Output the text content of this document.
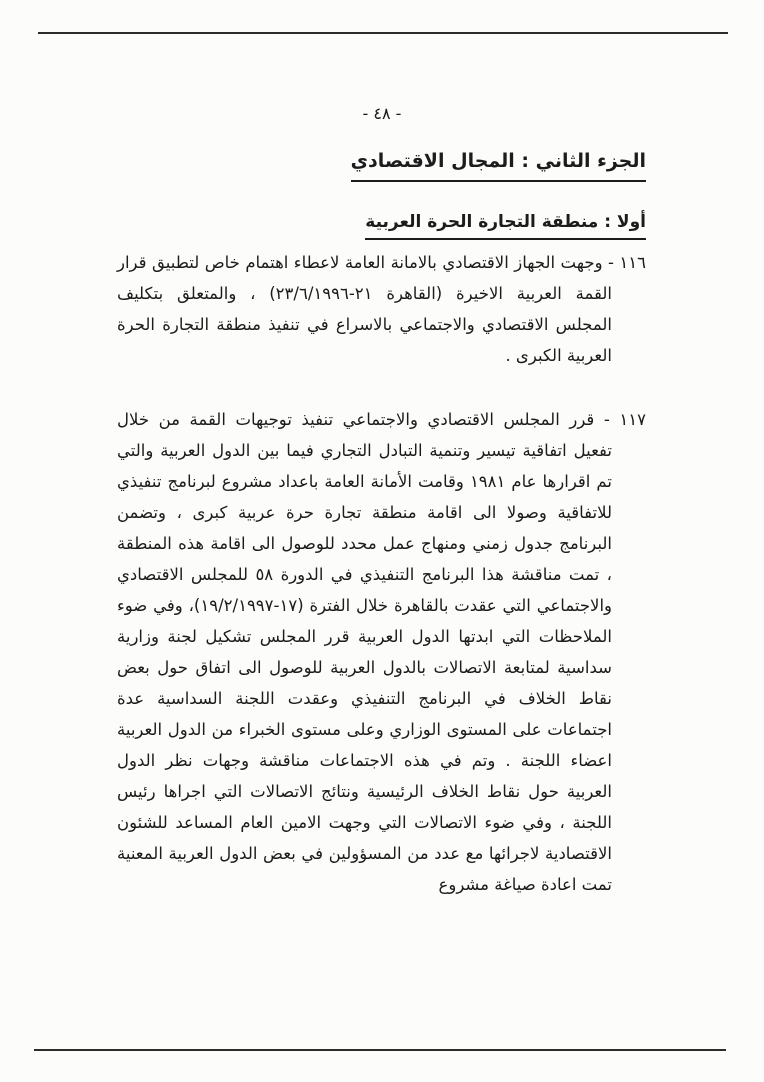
- ٤٨ -
الجزء الثاني : المجال الاقتصادي
أولا : منطقة التجارة الحرة العربية

١١٦ - وجهت الجهاز الاقتصادي بالامانة العامة لاعطاء اهتمام خاص لتطبيق قرار القمة العربية الاخيرة (القاهرة ٢١-٢٣/٦/١٩٩٦) ، والمتعلق بتكليف المجلس الاقتصادي والاجتماعي بالاسراع في تنفيذ منطقة التجارة الحرة العربية الكبرى .

١١٧ - قرر المجلس الاقتصادي والاجتماعي تنفيذ توجيهات القمة من خلال تفعيل اتفاقية تيسير وتنمية التبادل التجاري فيما بين الدول العربية والتي تم اقرارها عام ١٩٨١ وقامت الأمانة العامة باعداد مشروع لبرنامج تنفيذي للاتفاقية وصولا الى اقامة منطقة تجارة حرة عربية كبرى ، وتضمن البرنامج جدول زمني ومنهاج عمل محدد للوصول الى اقامة هذه المنطقة ، تمت مناقشة هذا البرنامج التنفيذي في الدورة ٥٨ للمجلس الاقتصادي والاجتماعي التي عقدت بالقاهرة خلال الفترة (١٧-١٩/٢/١٩٩٧)، وفي ضوء الملاحظات التي ابدتها الدول العربية قرر المجلس تشكيل لجنة وزارية سداسية لمتابعة الاتصالات بالدول العربية للوصول الى اتفاق حول بعض نقاط الخلاف في البرنامج التنفيذي وعقدت اللجنة السداسية عدة اجتماعات على المستوى الوزاري وعلى مستوى الخبراء من الدول العربية اعضاء اللجنة . وتم في هذه الاجتماعات مناقشة وجهات نظر الدول العربية حول نقاط الخلاف الرئيسية ونتائج الاتصالات التي اجراها رئيس اللجنة ، وفي ضوء الاتصالات التي وجهت الامين العام المساعد للشئون الاقتصادية لاجرائها مع عدد من المسؤولين في بعض الدول العربية المعنية تمت اعادة صياغة مشروع
